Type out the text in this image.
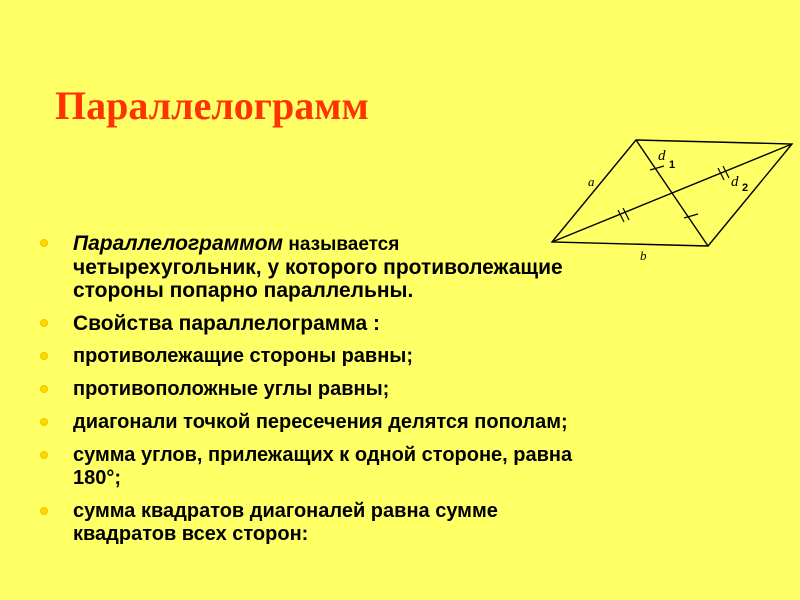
Параллелограмм
a
b
d
1
d 2
Параллелограммом называется
четырехугольник, у которого противолежащие
стороны попарно параллельны.
Свойства параллелограмма :
противолежащие стороны равны;
противоположные углы равны;
диагонали точкой пересечения делятся пополам;
сумма углов, прилежащих к одной стороне, равна
180°;
сумма квадратов диагоналей равна сумме
квадратов всех сторон:
